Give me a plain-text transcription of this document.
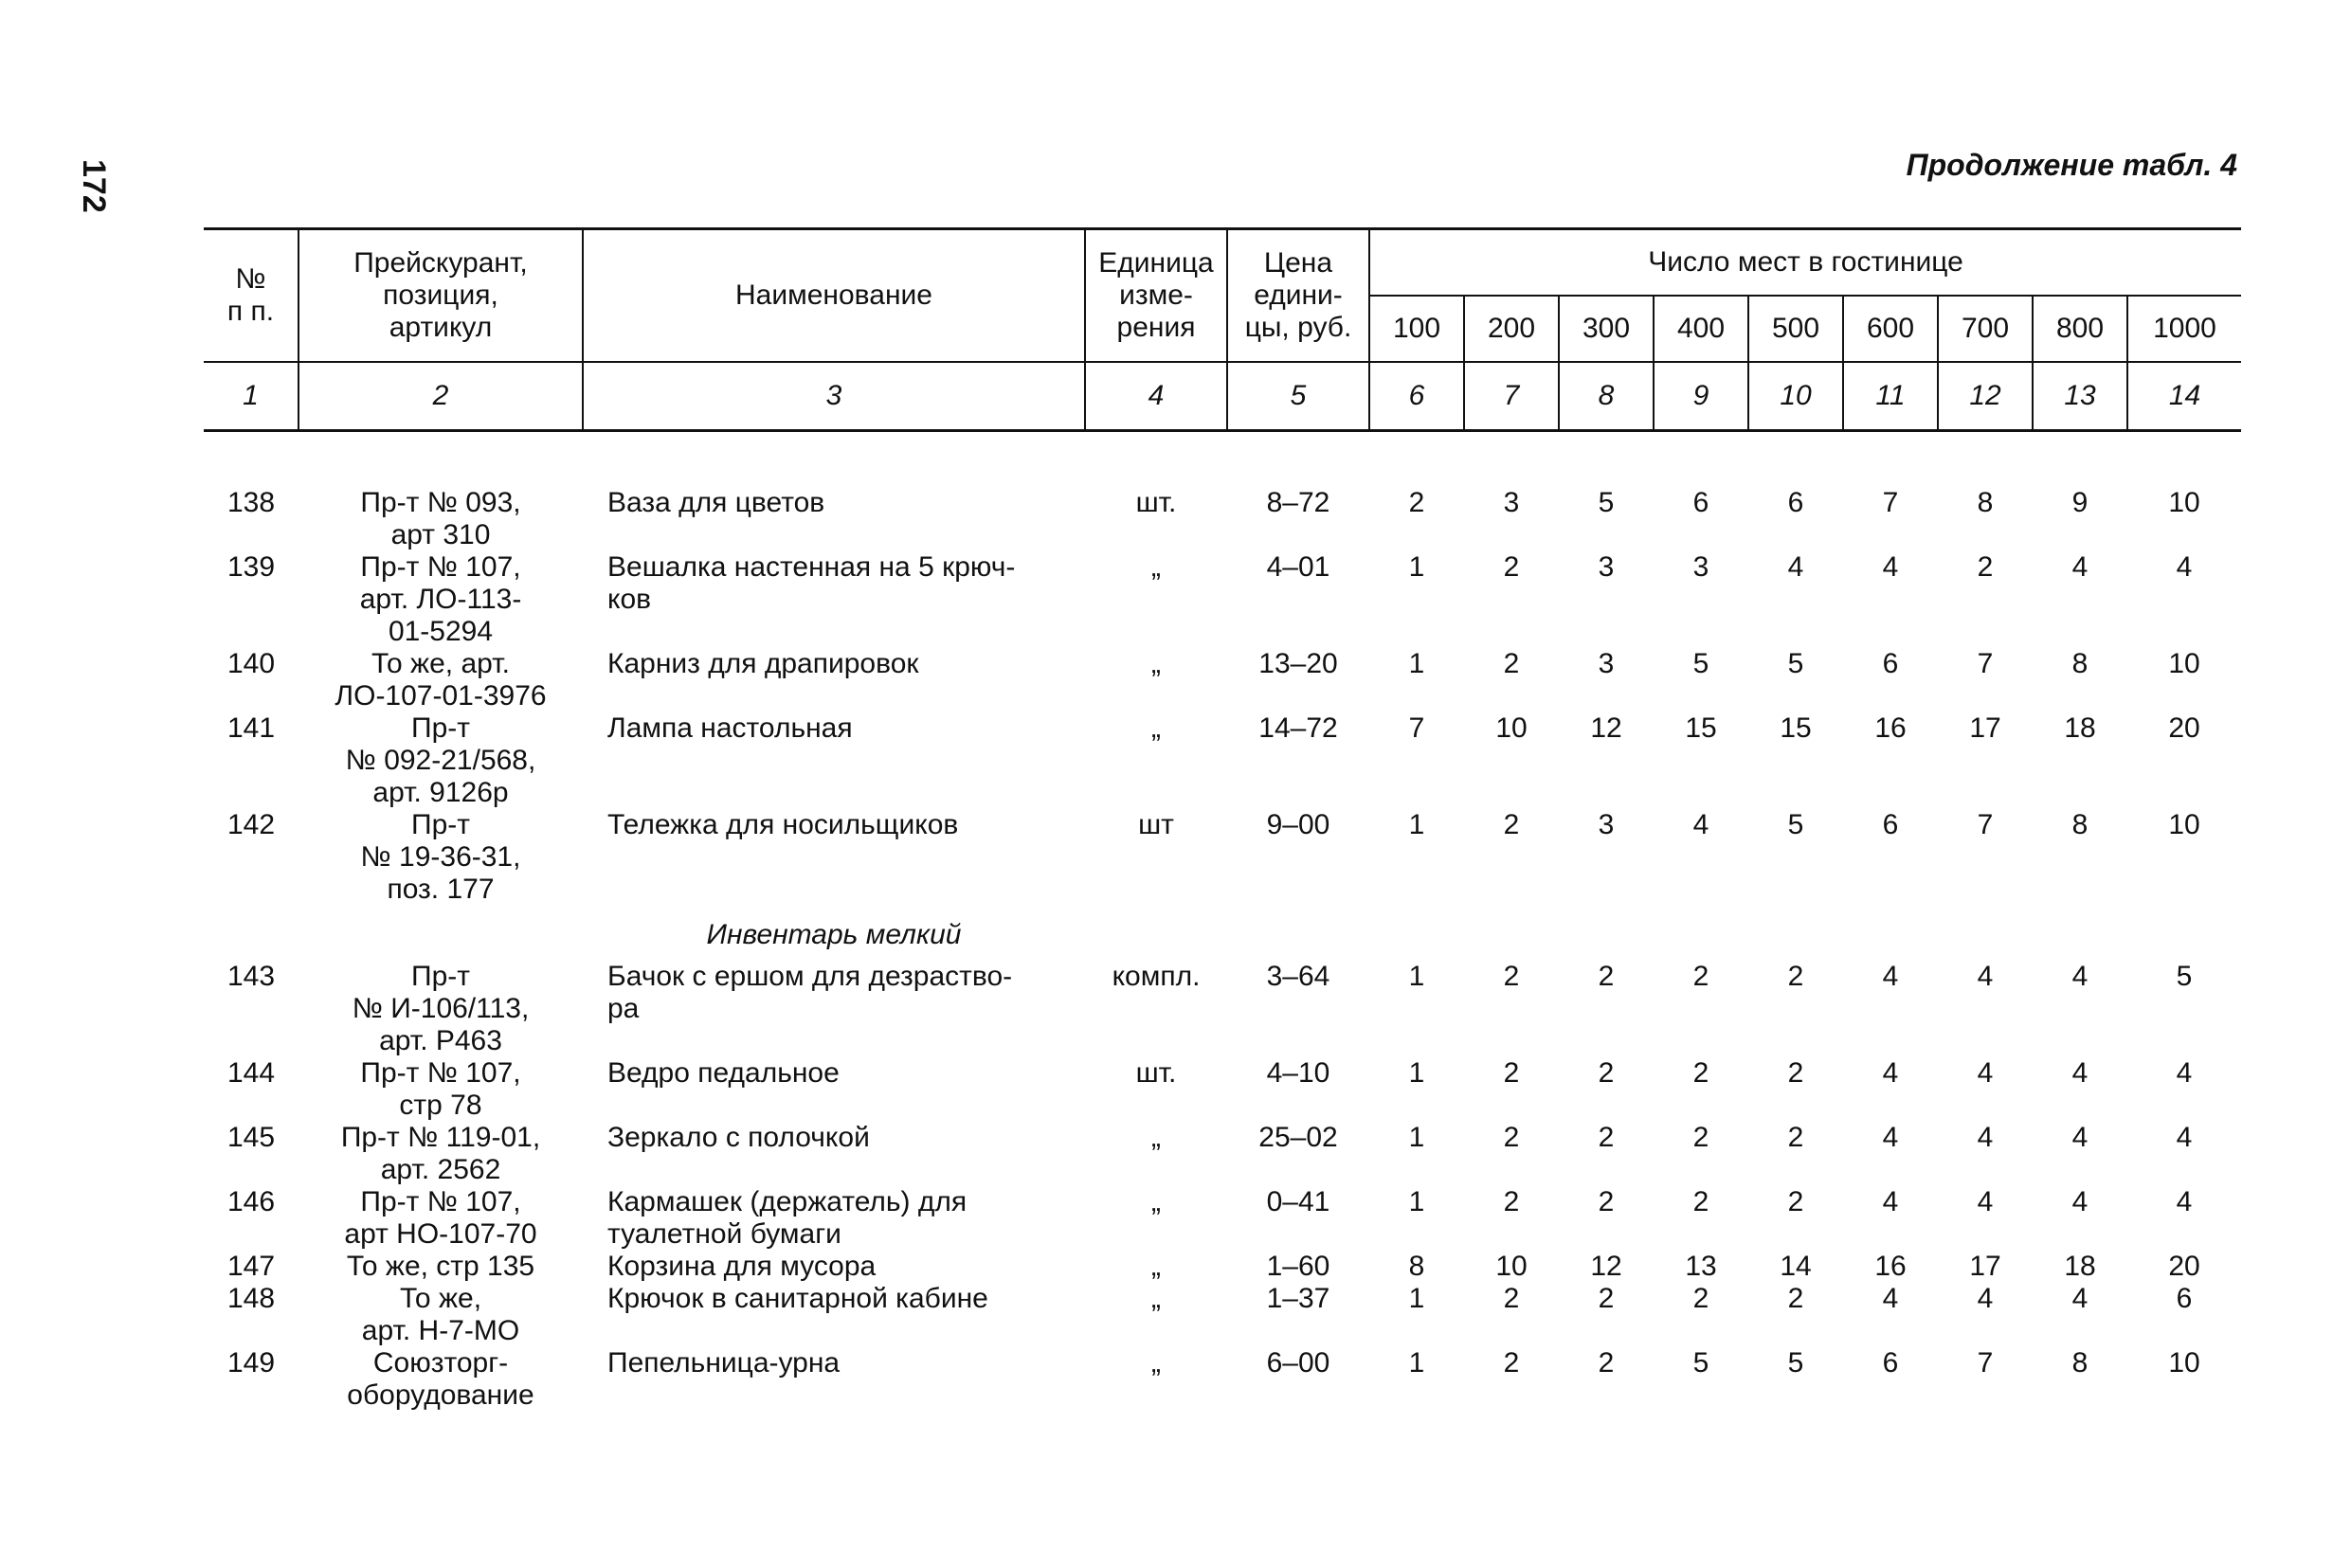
172	Продолжение табл. 4
№
п п.	Прейскурант,
позиция,
артикул	Наименование	Единица
изме-
рения	Цена
едини-
цы, руб.	Число мест в гостинице								
					100	200	300	400	500	600	700	800	1000
1	2	3	4	5	6	7	8	9	10	11	12	13	14

138	Пр-т № 093,
арт 310	Ваза для цветов	шт.	8–72	2	3	5	6	6	7	8	9	10
139	Пр-т № 107,
арт. ЛО-113-
01-5294	Вешалка настенная на 5 крюч-
ков	„	4–01	1	2	3	3	4	4	2	4	4
140	То же, арт.
ЛО-107-01-3976	Карниз для драпировок	„	13–20	1	2	3	5	5	6	7	8	10
141	Пр-т
№ 092-21/568,
арт. 9126р	Лампа настольная	„	14–72	7	10	12	15	15	16	17	18	20
142	Пр-т
№ 19-36-31,
поз. 177	Тележка для носильщиков	шт	9–00	1	2	3	4	5	6	7	8	10
		Инвентарь мелкий											
143	Пр-т
№ И-106/113,
арт. Р463	Бачок с ершом для дезраство-
ра	компл.	3–64	1	2	2	2	2	4	4	4	5
144	Пр-т № 107,
стр 78	Ведро педальное	шт.	4–10	1	2	2	2	2	4	4	4	4
145	Пр-т № 119-01,
арт. 2562	Зеркало с полочкой	„	25–02	1	2	2	2	2	4	4	4	4
146	Пр-т № 107,
арт НО-107-70	Кармашек (держатель) для
туалетной бумаги	„	0–41	1	2	2	2	2	4	4	4	4
147	То же, стр 135	Корзина для мусора	„	1–60	8	10	12	13	14	16	17	18	20
148	То же,
арт. Н-7-МО	Крючок в санитарной кабине	„	1–37	1	2	2	2	2	4	4	4	6
149	Союзторг-
оборудование	Пепельница-урна	„	6–00	1	2	2	5	5	6	7	8	10
